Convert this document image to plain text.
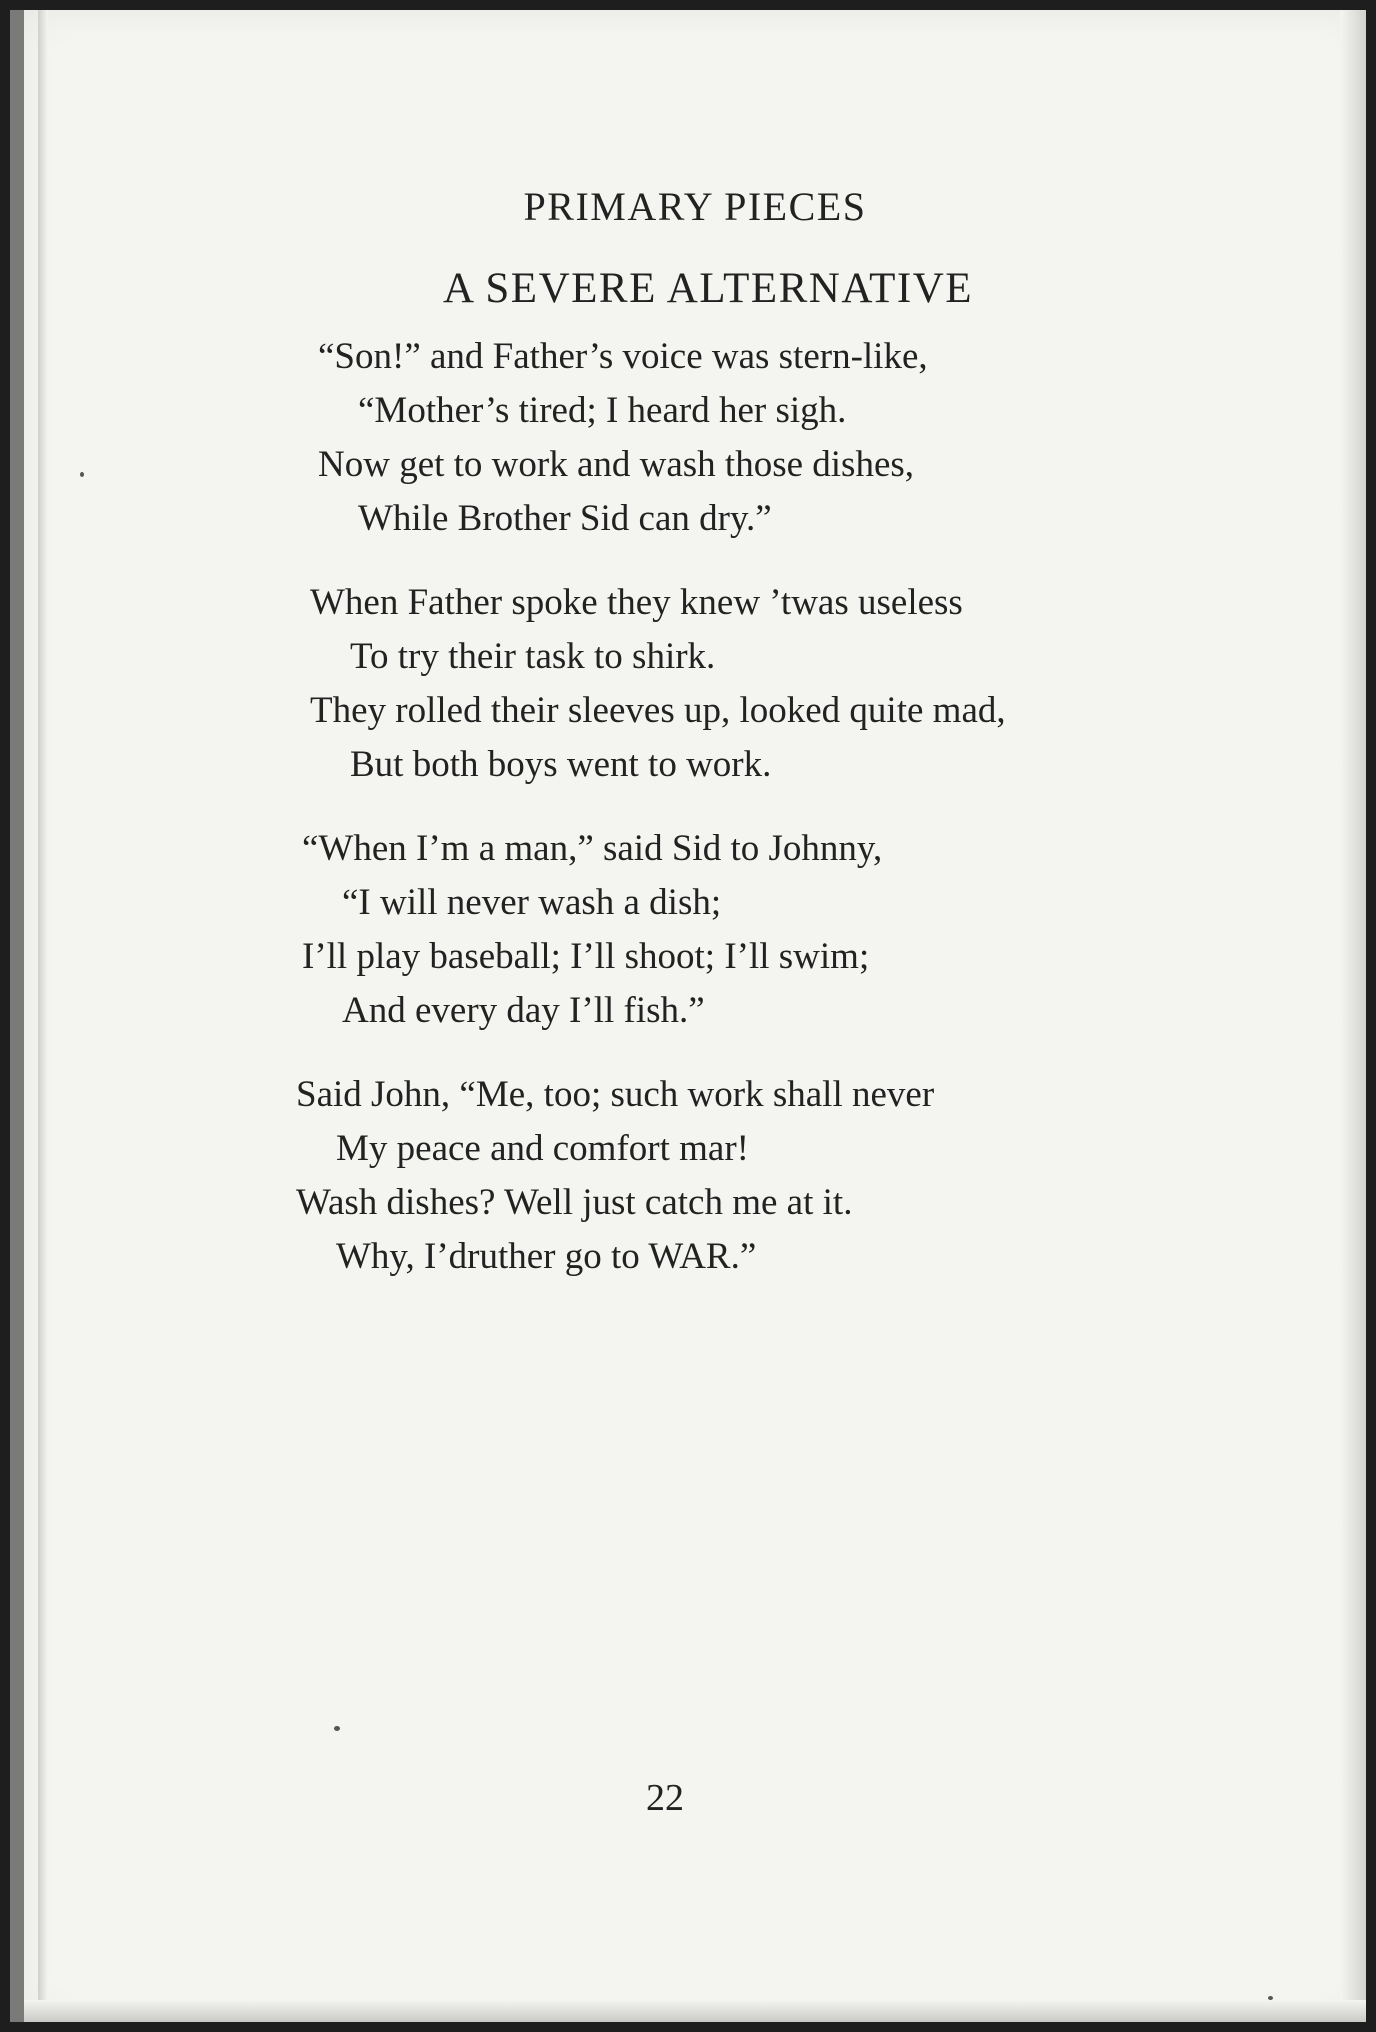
PRIMARY PIECES
A SEVERE ALTERNATIVE
“Son!” and Father’s voice was stern-like,
“Mother’s tired; I heard her sigh.
Now get to work and wash those dishes,
While Brother Sid can dry.”
When Father spoke they knew ’twas useless
To try their task to shirk.
They rolled their sleeves up, looked quite mad,
But both boys went to work.
“When I’m a man,” said Sid to Johnny,
“I will never wash a dish;
I’ll play baseball; I’ll shoot; I’ll swim;
And every day I’ll fish.”
Said John, “Me, too; such work shall never
My peace and comfort mar!
Wash dishes? Well just catch me at it.
Why, I’druther go to WAR.”
22
